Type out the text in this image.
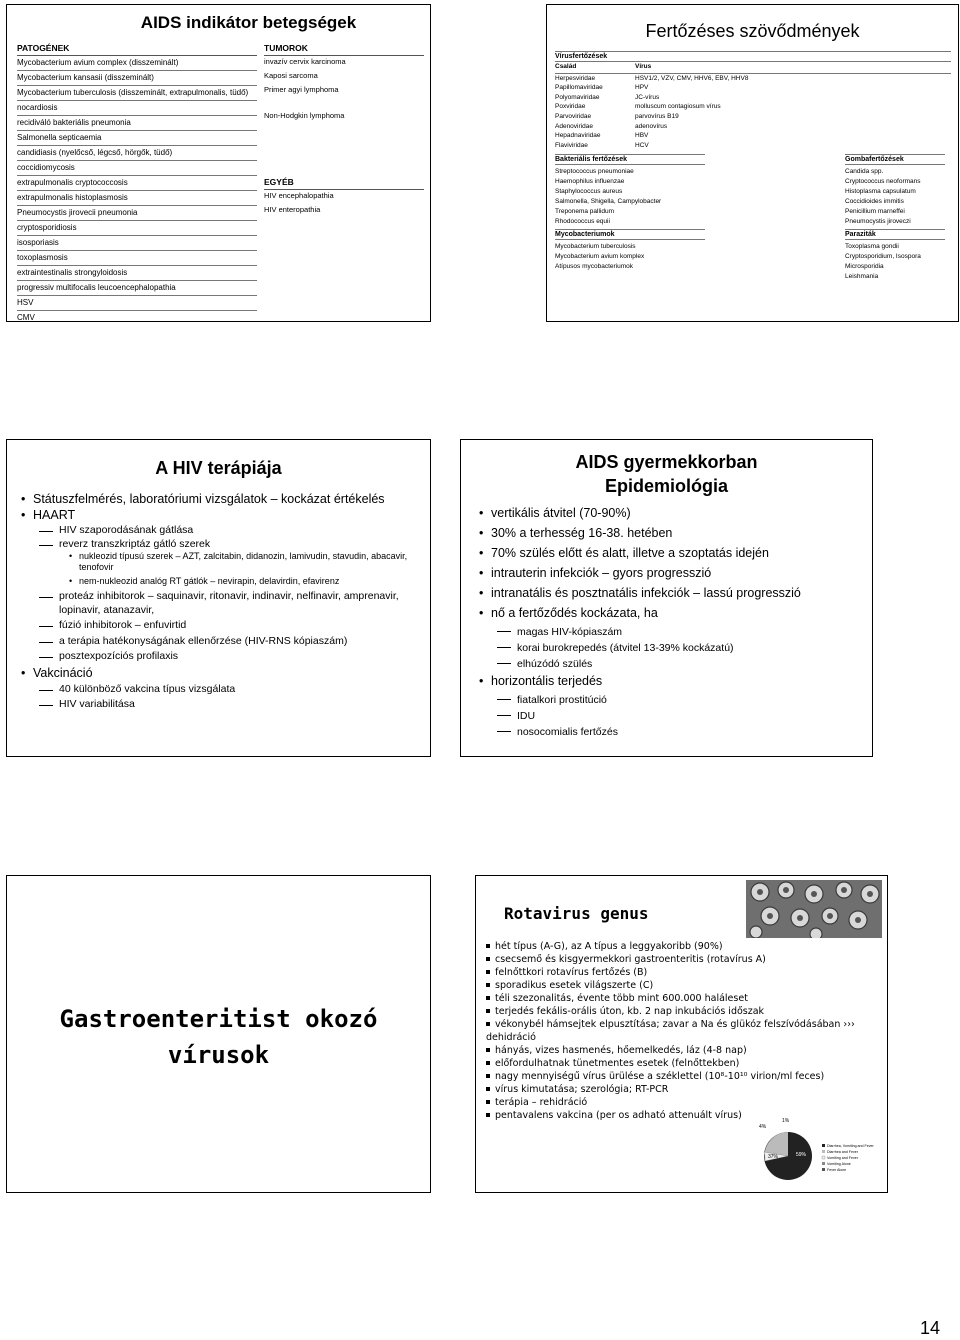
AIDS indikátor betegségek
PATOGÉNEK
Mycobacterium avium complex (disszeminált)
Mycobacterium kansasii (disszeminált)
Mycobacterium tuberculosis (disszeminált, extrapulmonalis, tüdő)
nocardiosis
recidiváló bakteriális pneumonia
Salmonella septicaemia
candidiasis (nyelőcső, légcső, hörgők, tüdő)
coccidiomycosis
extrapulmonalis cryptococcosis
extrapulmonalis histoplasmosis
Pneumocystis jirovecii pneumonia
cryptosporidiosis
isosporiasis
toxoplasmosis
extraintestinalis strongyloidosis
progressiv multifocalis leucoencephalopathia
HSV
CMV
TUMOROK
invazív cervix karcinoma
Kaposi sarcoma
Primer agyi lymphoma
Non-Hodgkin lymphoma
EGYÉB
HIV encephalopathia
HIV enteropathia
Fertőzéses szövődmények
Vírusfertőzések
Család	Vírus
Herpesviridae	HSV1/2, VZV, CMV, HHV6, EBV, HHV8
Papillomaviridae	HPV
Polyomaviridae	JC-vírus
Poxviridae	molluscum contagiosum vírus
Parvoviridae	parvovírus B19
Adenoviridae	adenovírus
Hepadnaviridae	HBV
Flaviviridae	HCV
Bakteriális fertőzések
Streptococcus pneumoniae
Haemophilus influenzae
Staphylococcus aureus
Salmonella, Shigella, Campylobacter
Treponema pallidum
Rhodococcus equii
Mycobacteriumok
Mycobacterium tuberculosis
Mycobacterium avium komplex
Atípusos mycobacteriumok
Gombafertőzések
Candida spp.
Cryptococcus neoformans
Histoplasma capsulatum
Coccidioides immitis
Penicillium marneffei
Pneumocystis jiroveczi
Paraziták
Toxoplasma gondii
Cryptosporidium, Isospora
Microsporidia
Leishmania
A HIV terápiája
• Státuszfelmérés, laboratóriumi vizsgálatok – kockázat értékelés
• HAART
HIV szaporodásának gátlása
reverz transzkriptáz gátló szerek
• nukleozid típusú szerek – AZT, zalcitabin, didanozin, lamivudin, stavudin, abacavir, tenofovir
• nem-nukleozid analóg RT gátlók – nevirapin, delavirdin, efavirenz
proteáz inhibitorok – saquinavir, ritonavir, indinavir, nelfinavir, amprenavir, lopinavir, atanazavir,
fúzió inhibitorok – enfuvirtid
a terápia hatékonyságának ellenőrzése (HIV-RNS kópiaszám)
posztexpozíciós profilaxis
• Vakcináció
40 különböző vakcina típus vizsgálata
HIV variabilitása
AIDS gyermekkorban
Epidemiológia
• vertikális átvitel (70-90%)
• 30% a terhesség 16-38. hetében
• 70% szülés előtt és alatt, illetve a szoptatás idején
• intrauterin infekciók – gyors progresszió
• intranatális és posztnatális infekciók – lassú progresszió
• nő a fertőződés kockázata, ha
magas HIV-kópiaszám
korai burokrepedés (átvitel 13-39% kockázatú)
elhúzódó szülés
• horizontális terjedés
fiatalkori prostitúció
IDU
nosocomialis fertőzés
Gastroenteritist okozó
vírusok
Rotavirus genus
hét típus (A-G), az A típus a leggyakoribb (90%)
csecsemő és kisgyermekkori gastroenteritis (rotavírus A)
felnőttkori rotavírus fertőzés (B)
sporadikus esetek világszerte (C)
téli szezonalitás, évente több mint 600.000 haláleset
terjedés fekális-orális úton, kb. 2 nap inkubációs időszak
vékonybél hámsejtek elpusztítása; zavar a Na és glükóz felszívódásában ››› dehidráció
hányás, vizes hasmenés, hőemelkedés, láz (4-8 nap)
előfordulhatnak tünetmentes esetek (felnőttekben)
nagy mennyiségű vírus ürülése a széklettel (10⁸-10¹⁰ virion/ml feces)
vírus kimutatása; szerológia; RT-PCR
terápia – rehidráció
pentavalens vakcina (per os adható attenuált vírus)
4%
1%
37%	59%
Diarrhea, Vomiting and Fever
Diarrhea and Fever
Vomiting and Fever
Vomiting Alone
Fever Alone
14
